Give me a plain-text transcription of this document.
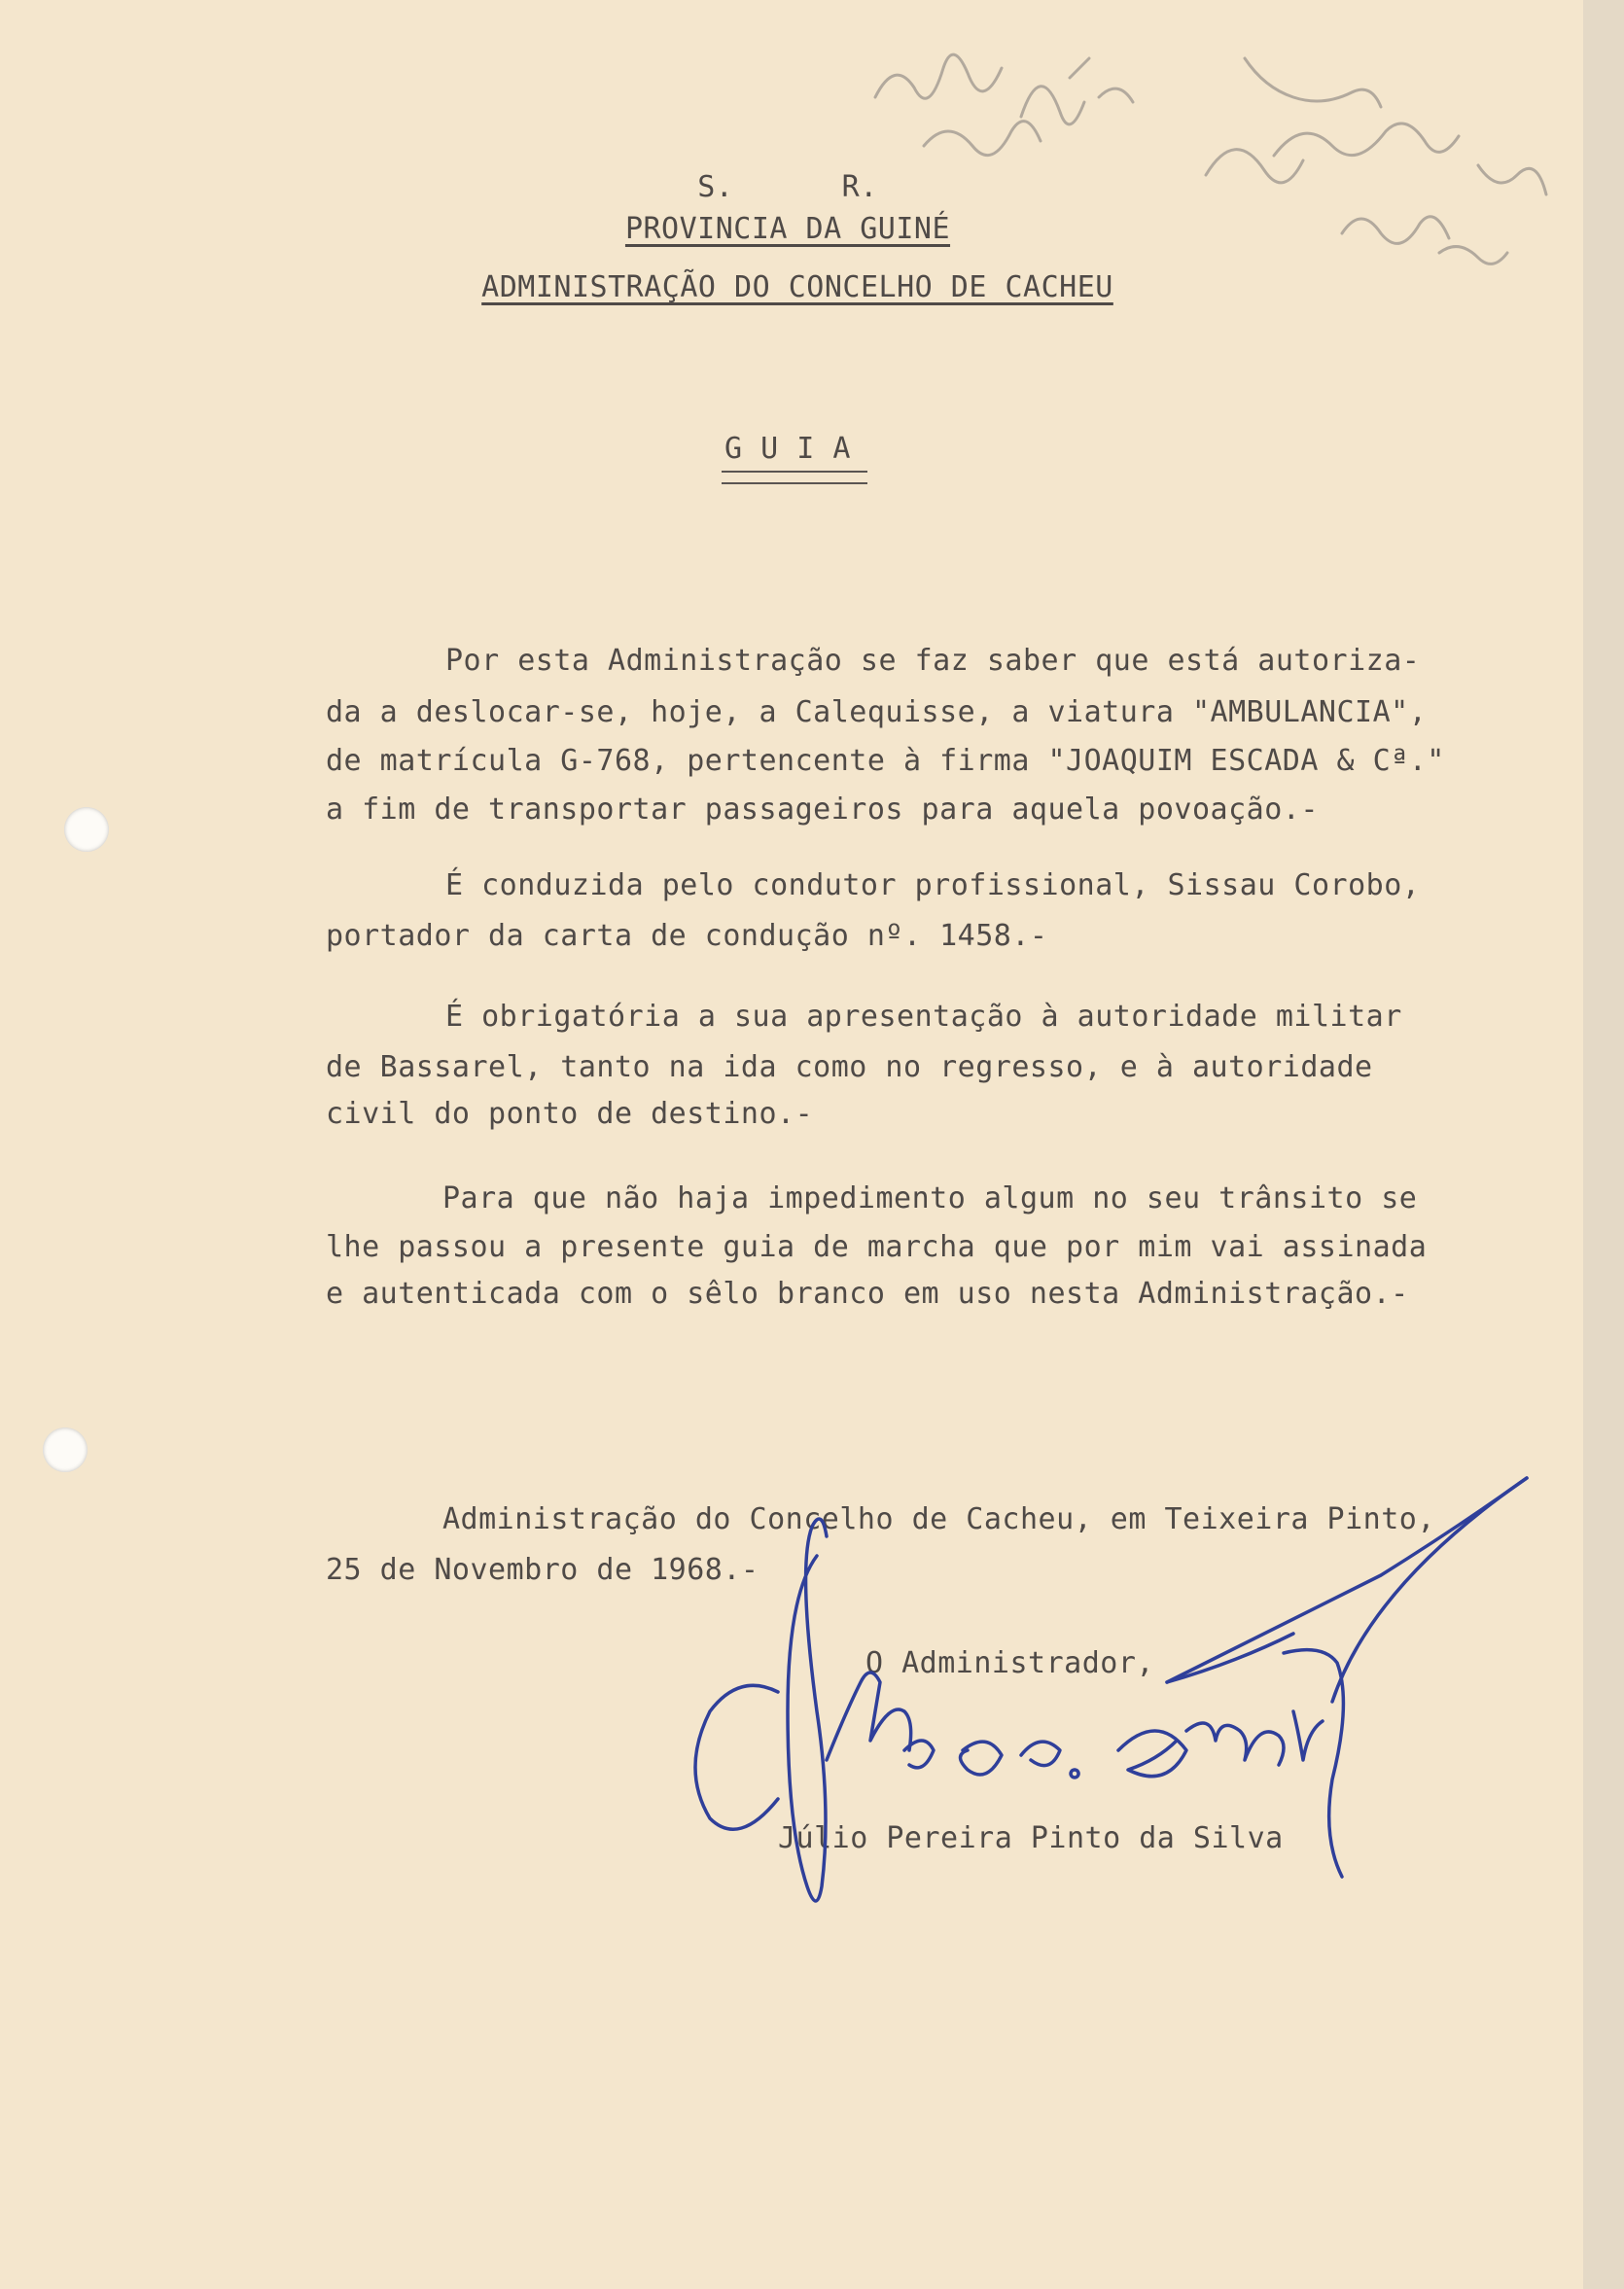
S.      R.
PROVINCIA DA GUINÉ
ADMINISTRAÇÃO DO CONCELHO DE CACHEU
G U I A
Por esta Administração se faz saber que está autoriza-
da a deslocar-se, hoje, a Calequisse, a viatura "AMBULANCIA",
de matrícula G-768, pertencente à firma "JOAQUIM ESCADA & Cª."
a fim de transportar passageiros para aquela povoação.-
É conduzida pelo condutor profissional, Sissau Corobo,
portador da carta de condução nº. 1458.-
É obrigatória a sua apresentação à autoridade militar
de Bassarel, tanto na ida como no regresso, e à autoridade
civil do ponto de destino.-
Para que não haja impedimento algum no seu trânsito se
lhe passou a presente guia de marcha que por mim vai assinada
e autenticada com o sêlo branco em uso nesta Administração.-
Administração do Concelho de Cacheu, em Teixeira Pinto,
25 de Novembro de 1968.-
O Administrador,
Júlio Pereira Pinto da Silva
